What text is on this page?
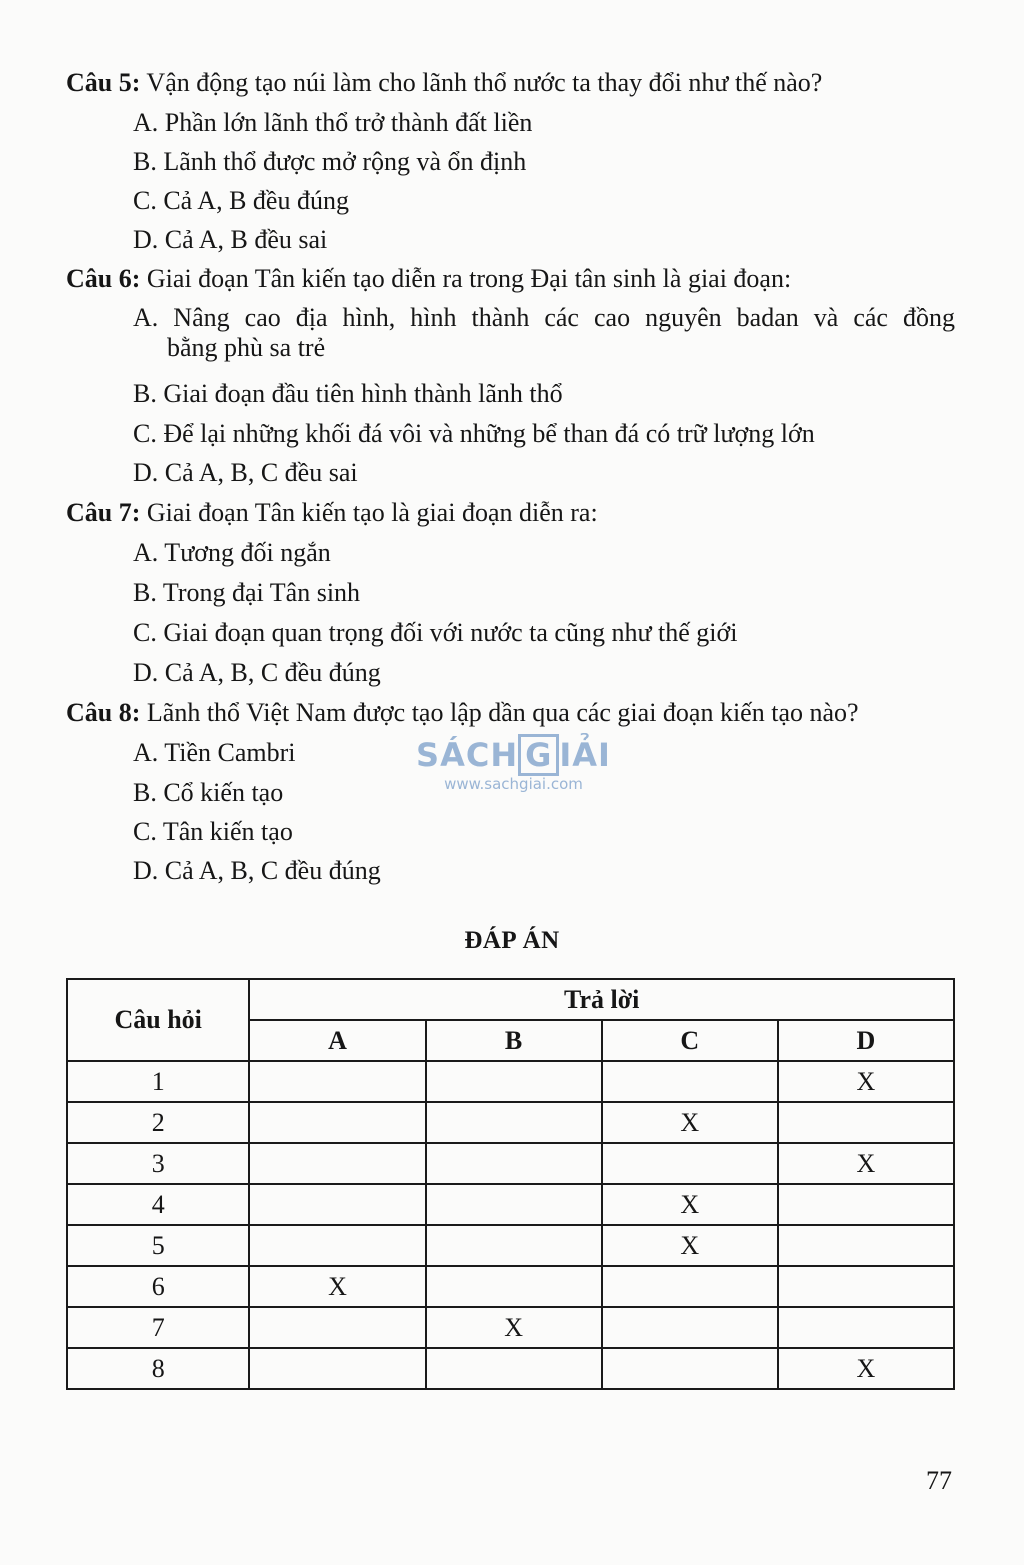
Câu 5: Vận động tạo núi làm cho lãnh thổ nước ta thay đổi như thế nào?
A. Phần lớn lãnh thổ trở thành đất liền
B. Lãnh thổ được mở rộng và ổn định
C. Cả A, B đều đúng
D. Cả A, B đều sai
Câu 6: Giai đoạn Tân kiến tạo diễn ra trong Đại tân sinh là giai đoạn:
A. Nâng cao địa hình, hình thành các cao nguyên badan và các đồng
bằng phù sa trẻ
B. Giai đoạn đầu tiên hình thành lãnh thổ
C. Để lại những khối đá vôi và những bể than đá có trữ lượng lớn
D. Cả A, B, C đều sai
Câu 7: Giai đoạn Tân kiến tạo là giai đoạn diễn ra:
A. Tương đối ngắn
B. Trong đại Tân sinh
C. Giai đoạn quan trọng đối với nước ta cũng như thế giới
D. Cả A, B, C đều đúng
Câu 8: Lãnh thổ Việt Nam được tạo lập dần qua các giai đoạn kiến tạo nào?
A. Tiền Cambri
B. Cổ kiến tạo
C. Tân kiến tạo
D. Cả A, B, C đều đúng
SÁCH G IẢI
www.sachgiai.com
ĐÁP ÁN
Câu hỏi	Trả lời			
	A	B	C	D
1				X
2			X	
3				X
4			X	
5			X	
6	X			
7		X		
8				X
77
